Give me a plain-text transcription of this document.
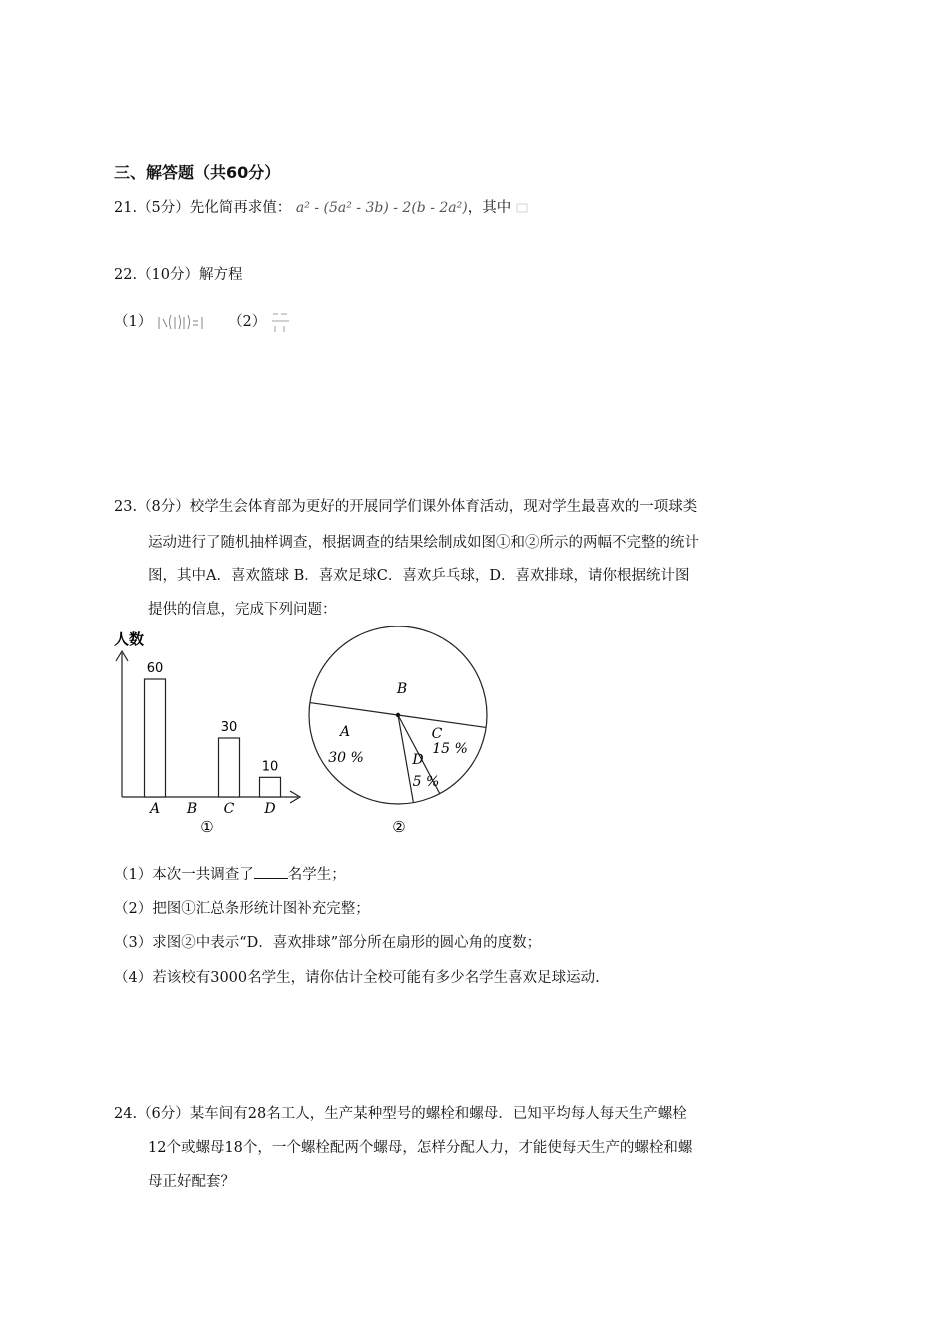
三、解答题（共60分）
21.（5分）先化简再求值： a² - (5a² - 3b) - 2(b - 2a²)，其中
22.（10分）解方程
（1）	（2）
23.（8分）校学生会体育部为更好的开展同学们课外体育活动，现对学生最喜欢的一项球类
运动进行了随机抽样调查，根据调查的结果绘制成如图①和②所示的两幅不完整的统计
图，其中A．喜欢篮球 B．喜欢足球C．喜欢乒乓球，D．喜欢排球，请你根据统计图
提供的信息，完成下列问题：
人数
60
A B
30
C
10
D
①
A
30 %
B
C
15 %
D
5 %
②
（1）本次一共调查了 名学生；
（2）把图①汇总条形统计图补充完整；
（3）求图②中表示“D．喜欢排球”部分所在扇形的圆心角的度数；
（4）若该校有3000名学生，请你估计全校可能有多少名学生喜欢足球运动.
24.（6分）某车间有28名工人，生产某种型号的螺栓和螺母．已知平均每人每天生产螺栓
12个或螺母18个，一个螺栓配两个螺母，怎样分配人力，才能使每天生产的螺栓和螺
母正好配套？
